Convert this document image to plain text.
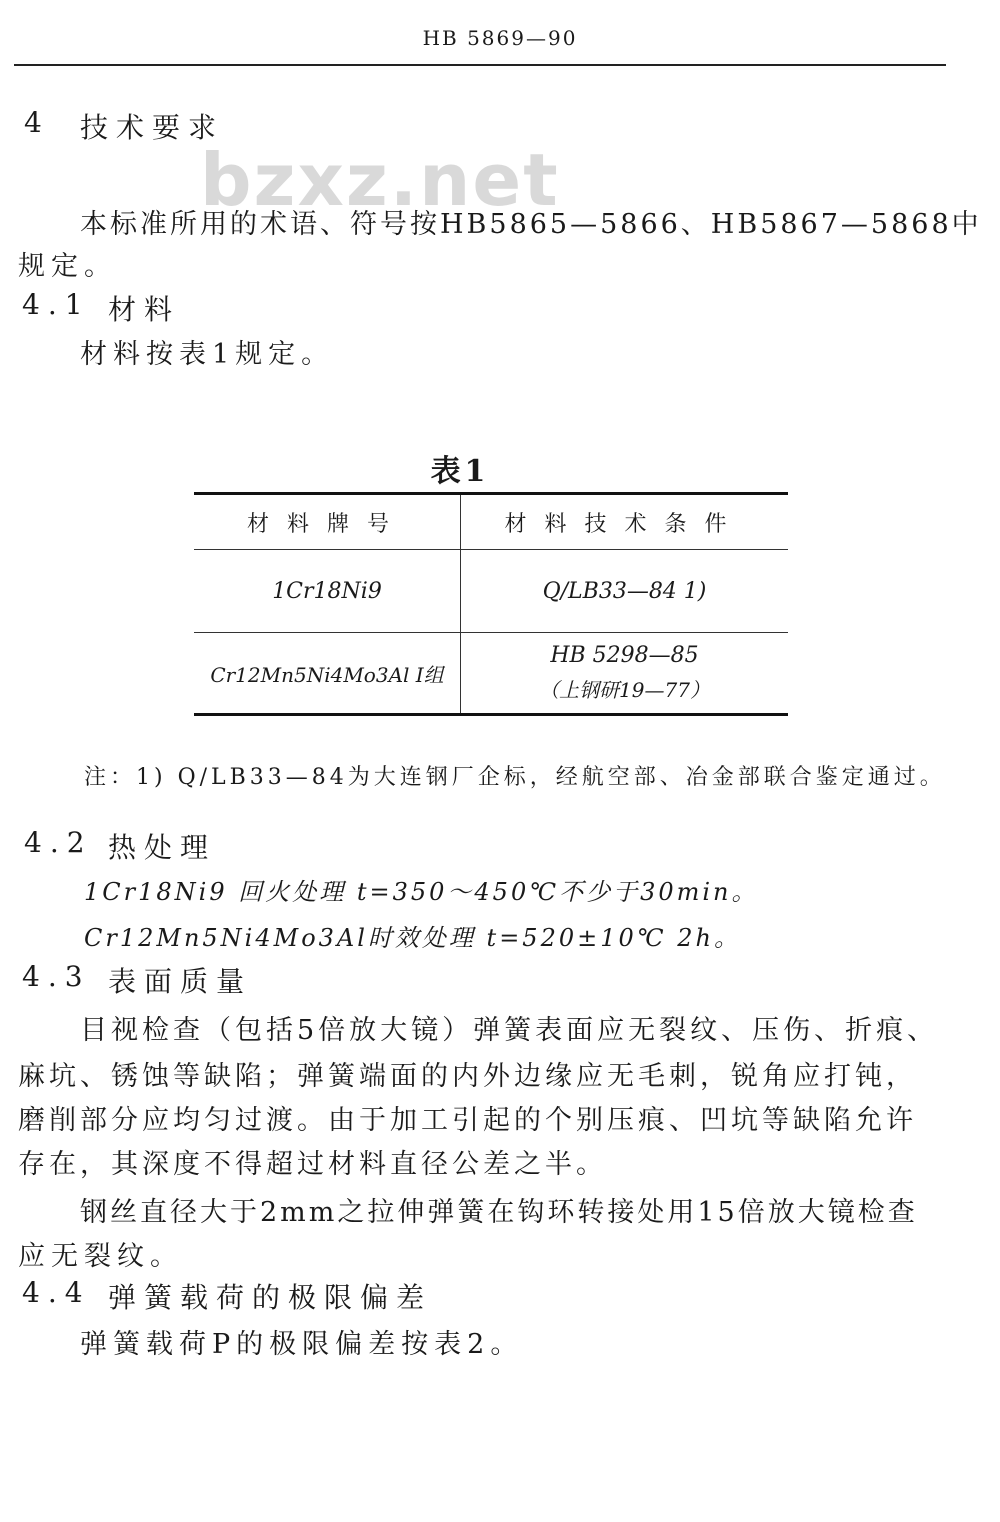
HB 5869—90
bzxz.net
4 技术要求
本标准所用的术语、符号按HB5865—5866、HB5867—5868中
规定。
4.1 材料
材料按表1规定。
表1
材料牌号	材料技术条件
1Cr18Ni9	Q/LB33—84 1)
Cr12Mn5Ni4Mo3Al Ⅰ组	HB 5298—85
（上钢研19—77）
注：1) Q/LB33—84为大连钢厂企标，经航空部、冶金部联合鉴定通过。
4.2 热处理
1Cr18Ni9 回火处理 t=350～450℃不少于30min。
Cr12Mn5Ni4Mo3Al时效处理 t=520±10℃ 2h。
4.3 表面质量
目视检查（包括5倍放大镜）弹簧表面应无裂纹、压伤、折痕、
麻坑、锈蚀等缺陷；弹簧端面的内外边缘应无毛刺，锐角应打钝，
磨削部分应均匀过渡。由于加工引起的个别压痕、凹坑等缺陷允许
存在，其深度不得超过材料直径公差之半。
钢丝直径大于2mm之拉伸弹簧在钩环转接处用15倍放大镜检查
应无裂纹。
4.4 弹簧载荷的极限偏差
弹簧载荷P的极限偏差按表2。
